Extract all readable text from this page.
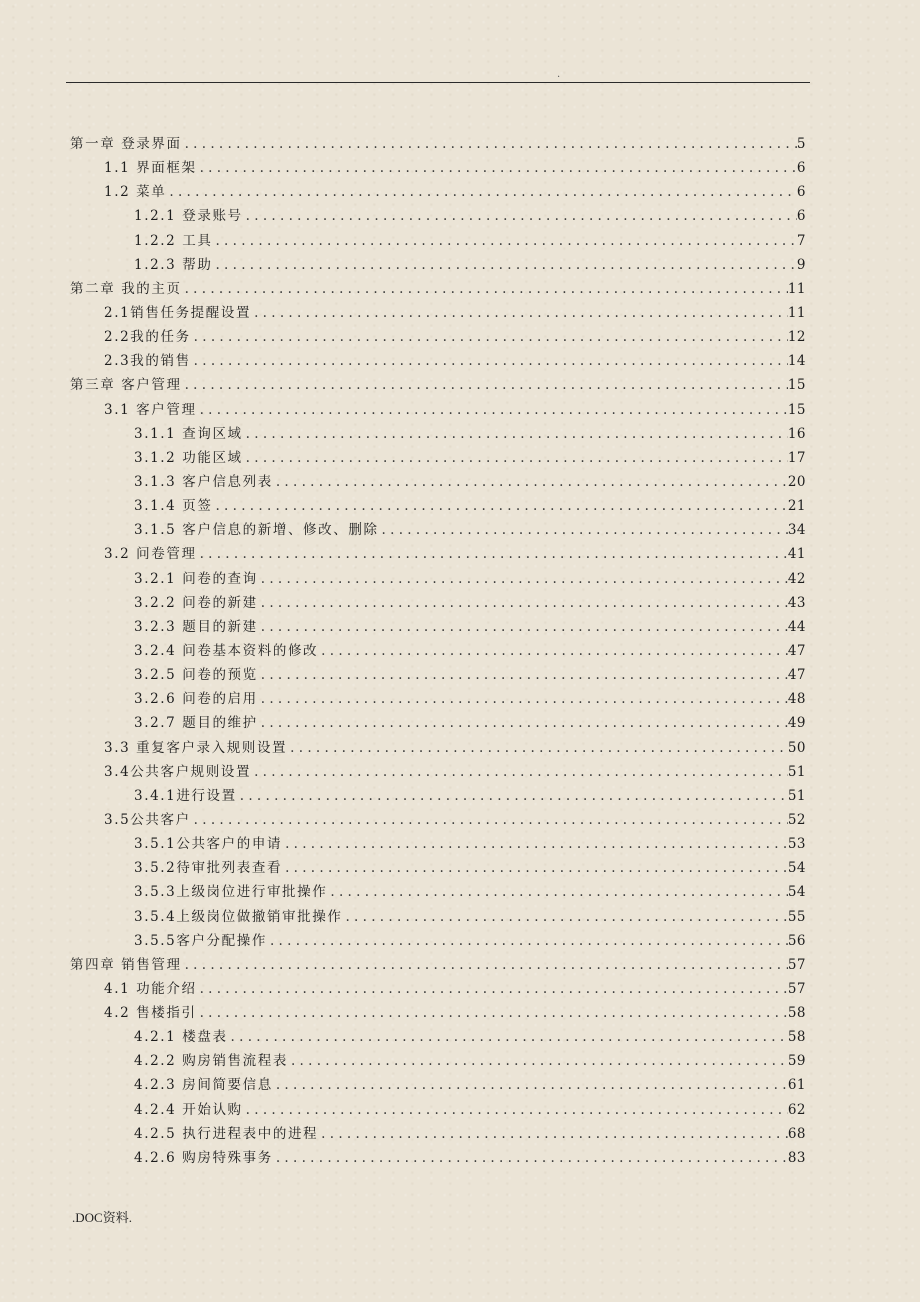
.
第一章 登录界面 . . .	5
1.1 界面框架 . . .	6
1.2 菜单 . . .	6
1.2.1 登录账号 . . .	6
1.2.2 工具 . . .	7
1.2.3 帮助 . . .	9
第二章 我的主页 . . .	11
2.1销售任务提醒设置 . . .	11
2.2我的任务 . . .	12
2.3我的销售 . . .	14
第三章 客户管理 . . .	15
3.1 客户管理 . . .	15
3.1.1 查询区域 . . .	16
3.1.2 功能区域 . . .	17
3.1.3 客户信息列表 . . .	20
3.1.4 页签 . . .	21
3.1.5 客户信息的新增、修改、删除 . . .	34
3.2 问卷管理 . . .	41
3.2.1 问卷的查询 . . .	42
3.2.2 问卷的新建 . . .	43
3.2.3 题目的新建 . . .	44
3.2.4 问卷基本资料的修改 . . .	47
3.2.5 问卷的预览 . . .	47
3.2.6 问卷的启用 . . .	48
3.2.7 题目的维护 . . .	49
3.3 重复客户录入规则设置 . . .	50
3.4公共客户规则设置 . . .	51
3.4.1进行设置 . . .	51
3.5公共客户 . . .	52
3.5.1公共客户的申请 . . .	53
3.5.2待审批列表查看 . . .	54
3.5.3上级岗位进行审批操作 . . .	54
3.5.4上级岗位做撤销审批操作 . . .	55
3.5.5客户分配操作 . . .	56
第四章 销售管理 . . .	57
4.1 功能介绍 . . .	57
4.2 售楼指引 . . .	58
4.2.1 楼盘表 . . .	58
4.2.2 购房销售流程表 . . .	59
4.2.3 房间简要信息 . . .	61
4.2.4 开始认购 . . .	62
4.2.5 执行进程表中的进程 . . .	68
4.2.6 购房特殊事务 . . .	83
.DOC资料.
